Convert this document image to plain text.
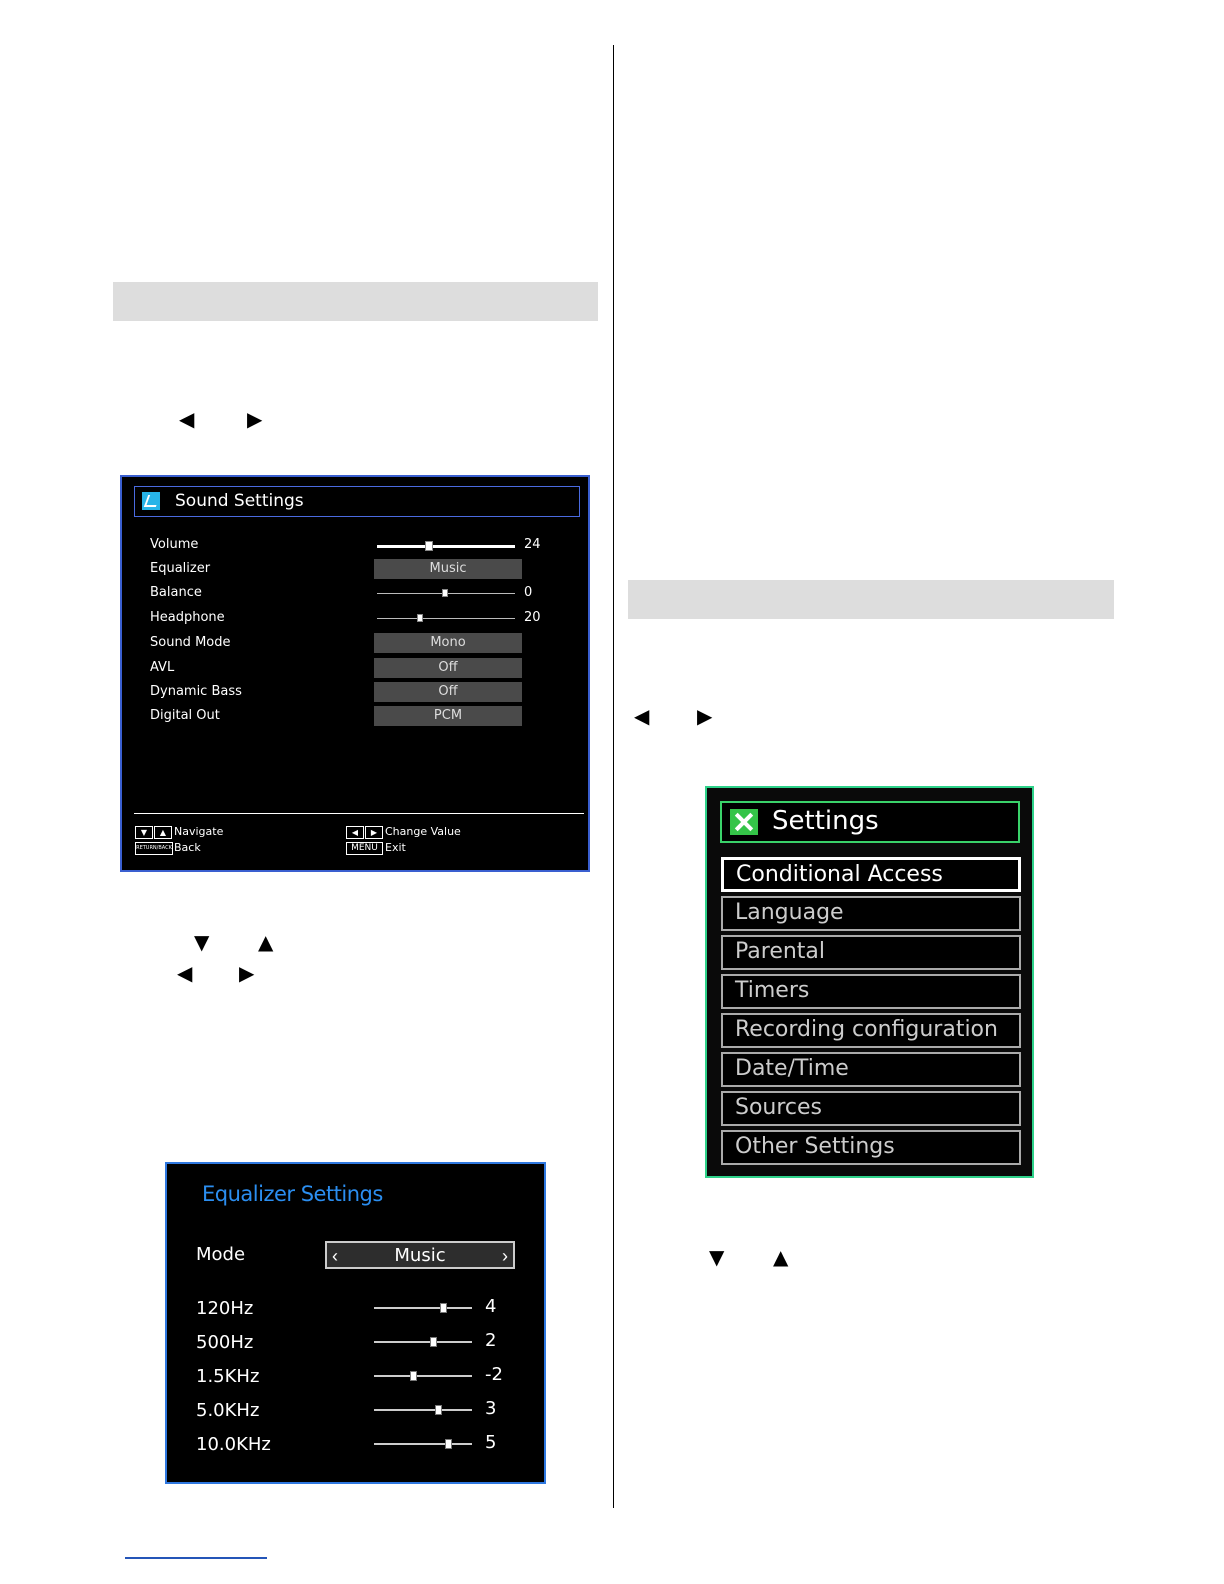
◀	▶
▼ ▲
◀ ▶
◀ ▶
▼ ▲
Sound Settings
Volume	24
Equalizer	Music
Balance	0
Headphone	20
Sound Mode	Mono
AVL	Off
Dynamic Bass	Off
Digital Out	PCM
▼	▲ Navigate
RETURN/BACK Back
◀	▶ Change Value
MENU Exit
Equalizer Settings
Mode	‹	Music	›
120Hz	4
500Hz	2
1.5KHz	-2
5.0KHz	3
10.0KHz	5
Settings
Conditional Access
Language
Parental
Timers
Recording configuration
Date/Time
Sources
Other Settings
